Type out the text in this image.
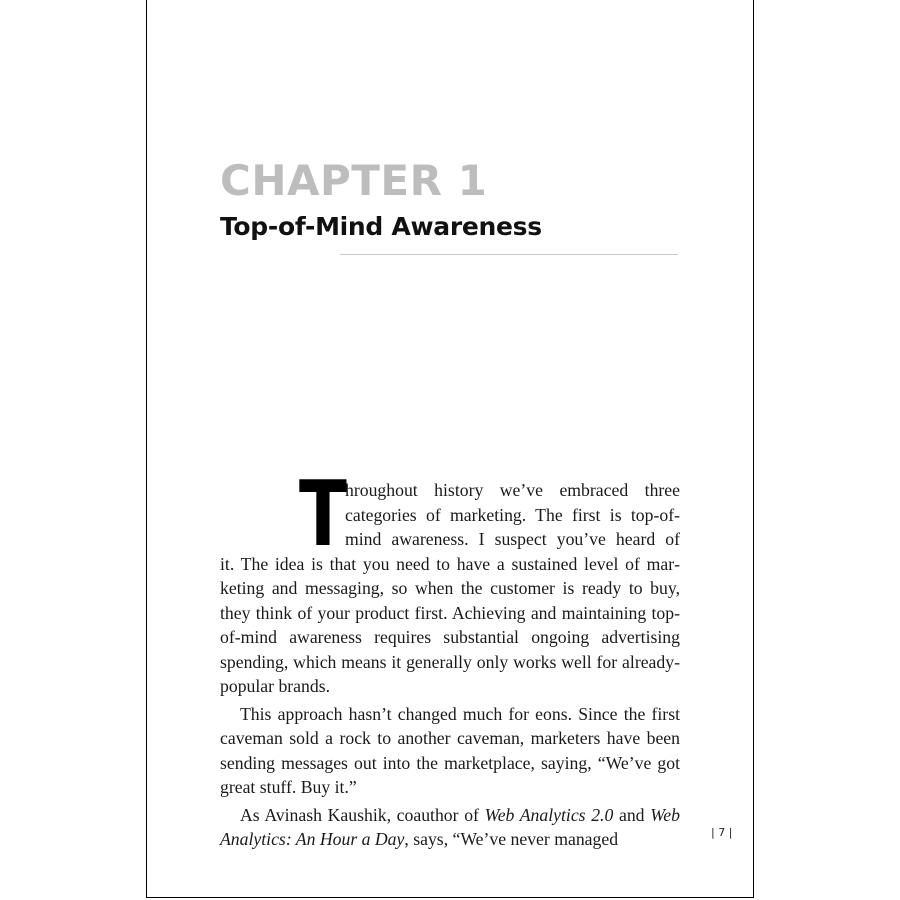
CHAPTER 1
Top-of-Mind Awareness
T
hroughout history we’ve embraced three
categories of marketing. The first is top-of-
mind awareness. I suspect you’ve heard of

it. The idea is that you need to have a sustained level of marketing and messaging, so when the customer is ready to buy, they think of your product first. Achieving and maintaining top-of-mind awareness requires substantial ongoing advertising spending, which means it generally only works well for already-popular brands.

This approach hasn’t changed much for eons. Since the first caveman sold a rock to another caveman, marketers have been sending messages out into the marketplace, saying, “We’ve got great stuff. Buy it.”

As Avinash Kaushik, coauthor of Web Analytics 2.0 and Web Analytics: An Hour a Day, says, “We’ve never managed	| 7 |
